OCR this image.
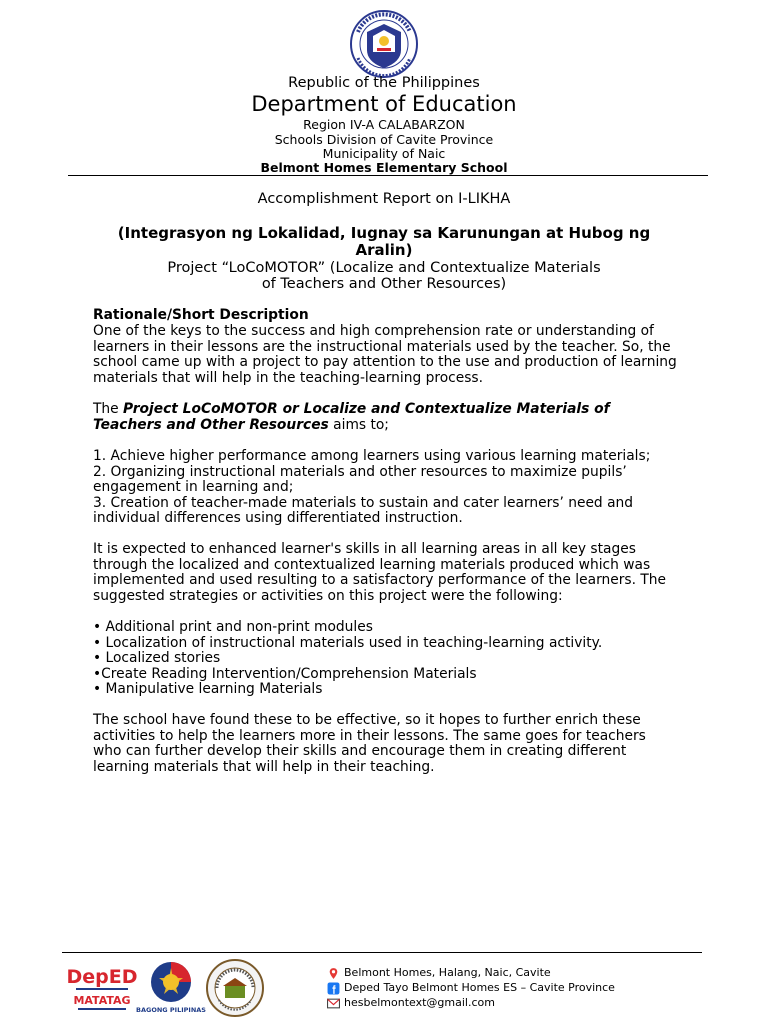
Republic of the Philippines
Department of Education
Region IV-A CALABARZON
Schools Division of Cavite Province
Municipality of Naic
Belmont Homes Elementary School
Accomplishment Report on I-LIKHA
(Integrasyon ng Lokalidad, Iugnay sa Karunungan at Hubog ng Aralin)
Project “LoCoMOTOR” (Localize and Contextualize Materials
of Teachers and Other Resources)
Rationale/Short Description

One of the keys to the success and high comprehension rate or understanding of learners in their lessons are the instructional materials used by the teacher. So, the school came up with a project to pay attention to the use and production of learning materials that will help in the teaching-learning process.

The Project LoCoMOTOR or Localize and Contextualize Materials of Teachers and Other Resources aims to;

1. Achieve higher performance among learners using various learning materials;
2. Organizing instructional materials and other resources to maximize pupils’ engagement in learning and;
3. Creation of teacher-made materials to sustain and cater learners’ need and individual differences using differentiated instruction.

It is expected to enhanced learner's skills in all learning areas in all key stages through the localized and contextualized learning materials produced which was implemented and used resulting to a satisfactory performance of the learners. The suggested strategies or activities on this project were the following:

• Additional print and non-print modules
• Localization of instructional materials used in teaching-learning activity.
• Localized stories
•Create Reading Intervention/Comprehension Materials
• Manipulative learning Materials

The school have found these to be effective, so it hopes to further enrich these activities to help the learners more in their lessons. The same goes for teachers who can further develop their skills and encourage them in creating different learning materials that will help in their teaching.

DepED
MATATAG
BAGONG PILIPINAS
Belmont Homes, Halang, Naic, Cavite
Deped Tayo Belmont Homes ES – Cavite Province
hesbelmontext@gmail.com
